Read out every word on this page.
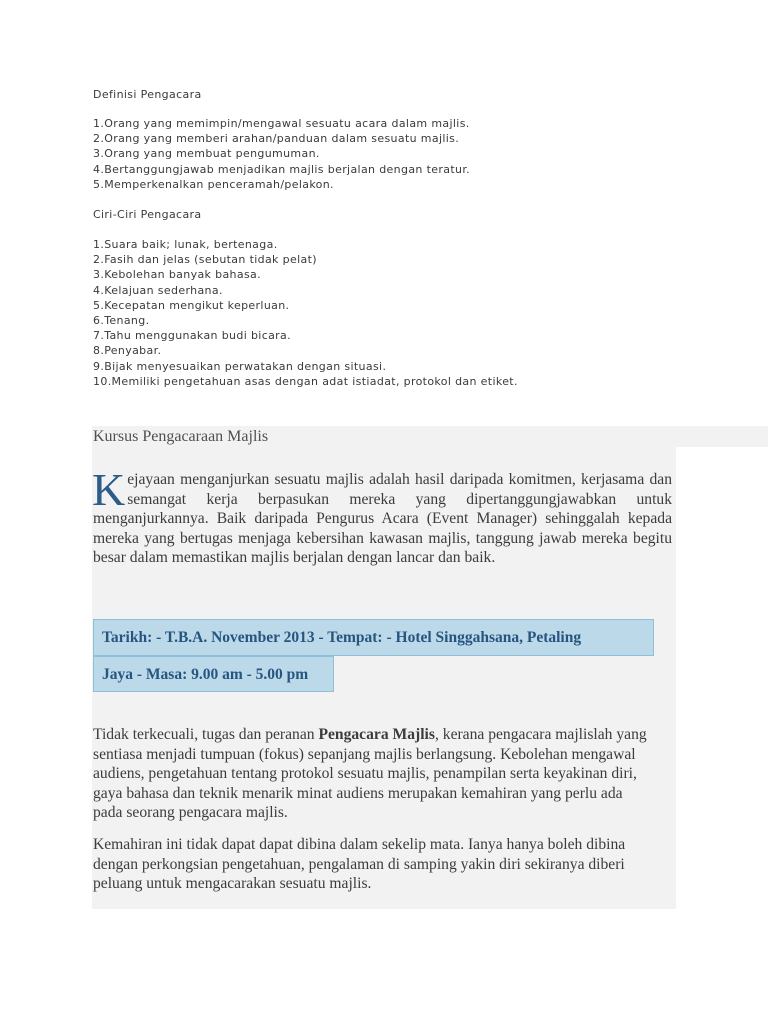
Definisi Pengacara

1.Orang yang memimpin/mengawal sesuatu acara dalam majlis.
2.Orang yang memberi arahan/panduan dalam sesuatu majlis.
3.Orang yang membuat pengumuman.
4.Bertanggungjawab menjadikan majlis berjalan dengan teratur.
5.Memperkenalkan penceramah/pelakon.

Ciri-Ciri Pengacara

1.Suara baik; lunak, bertenaga.
2.Fasih dan jelas (sebutan tidak pelat)
3.Kebolehan banyak bahasa.
4.Kelajuan sederhana.
5.Kecepatan mengikut keperluan.
6.Tenang.
7.Tahu menggunakan budi bicara.
8.Penyabar.
9.Bijak menyesuaikan perwatakan dengan situasi.
10.Memiliki pengetahuan asas dengan adat istiadat, protokol dan etiket.
Kursus Pengacaraan Majlis

Kejayaan menganjurkan sesuatu majlis adalah hasil daripada komitmen, kerjasama dan semangat kerja berpasukan mereka yang dipertanggungjawabkan untuk menganjurkannya. Baik daripada Pengurus Acara (Event Manager) sehinggalah kepada mereka yang bertugas menjaga kebersihan kawasan majlis, tanggung jawab mereka begitu besar dalam memastikan majlis berjalan dengan lancar dan baik.

Tarikh: - T.B.A. November 2013 - Tempat: - Hotel Singgahsana, Petaling
Jaya - Masa: 9.00 am - 5.00 pm

Tidak terkecuali, tugas dan peranan Pengacara Majlis, kerana pengacara majlislah yang sentiasa menjadi tumpuan (fokus) sepanjang majlis berlangsung. Kebolehan mengawal audiens, pengetahuan tentang protokol sesuatu majlis, penampilan serta keyakinan diri, gaya bahasa dan teknik menarik minat audiens merupakan kemahiran yang perlu ada pada seorang pengacara majlis.

Kemahiran ini tidak dapat dapat dibina dalam sekelip mata. Ianya hanya boleh dibina dengan perkongsian pengetahuan, pengalaman di samping yakin diri sekiranya diberi peluang untuk mengacarakan sesuatu majlis.
